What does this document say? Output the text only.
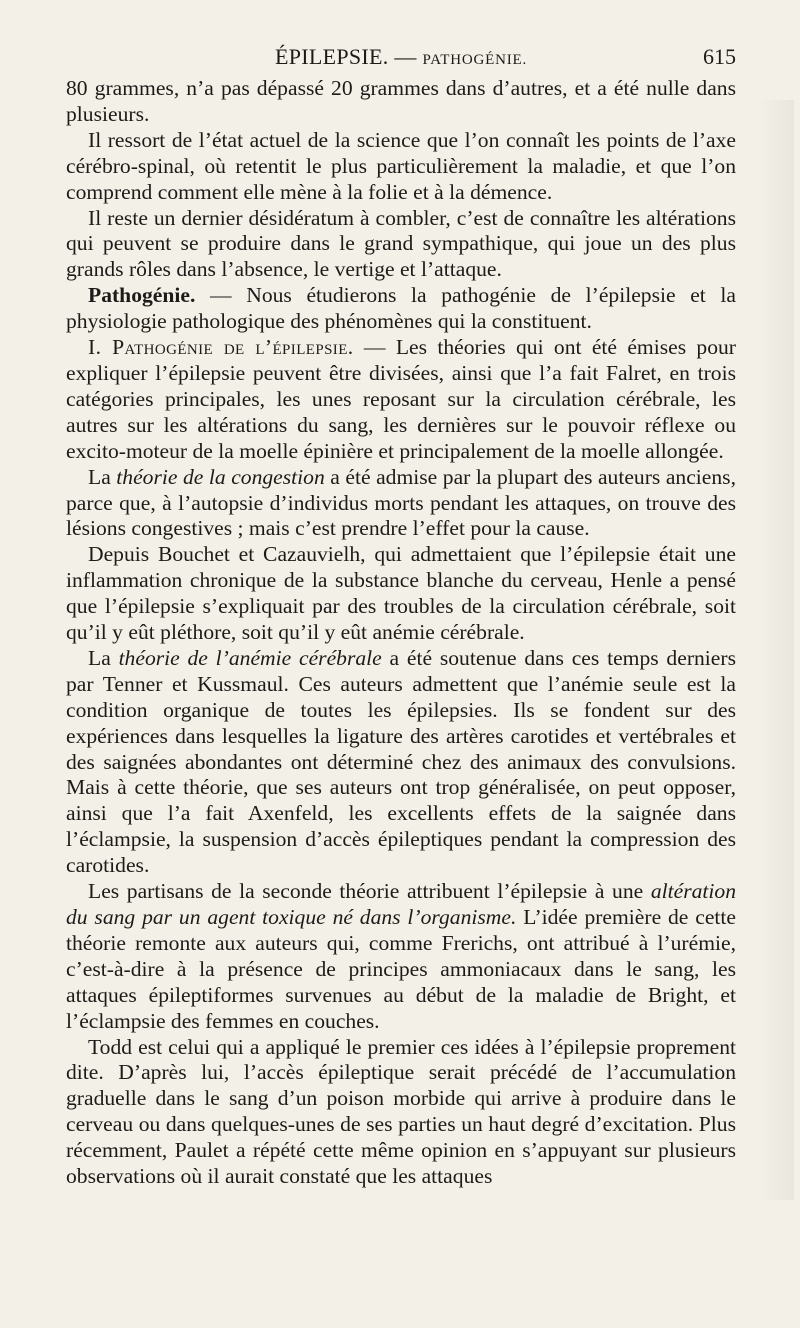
ÉPILEPSIE. — PATHOGÉNIE.	615

80 grammes, n’a pas dépassé 20 grammes dans d’autres, et a été nulle dans plusieurs.

Il ressort de l’état actuel de la science que l’on connaît les points de l’axe cérébro-spinal, où retentit le plus particulièrement la maladie, et que l’on comprend comment elle mène à la folie et à la démence.

Il reste un dernier désidératum à combler, c’est de connaître les altérations qui peuvent se produire dans le grand sympathique, qui joue un des plus grands rôles dans l’absence, le vertige et l’attaque.

Pathogénie. — Nous étudierons la pathogénie de l’épilepsie et la physiologie pathologique des phénomènes qui la constituent.

I. Pathogénie de l’épilepsie. — Les théories qui ont été émises pour expliquer l’épilepsie peuvent être divisées, ainsi que l’a fait Falret, en trois catégories principales, les unes reposant sur la circulation cérébrale, les autres sur les altérations du sang, les dernières sur le pouvoir réflexe ou excito-moteur de la moelle épinière et principalement de la moelle allongée.

La théorie de la congestion a été admise par la plupart des auteurs anciens, parce que, à l’autopsie d’individus morts pendant les attaques, on trouve des lésions congestives ; mais c’est prendre l’effet pour la cause.

Depuis Bouchet et Cazauvielh, qui admettaient que l’épilepsie était une inflammation chronique de la substance blanche du cerveau, Henle a pensé que l’épilepsie s’expliquait par des troubles de la circulation cérébrale, soit qu’il y eût pléthore, soit qu’il y eût anémie cérébrale.

La théorie de l’anémie cérébrale a été soutenue dans ces temps derniers par Tenner et Kussmaul. Ces auteurs admettent que l’anémie seule est la condition organique de toutes les épilepsies. Ils se fondent sur des expériences dans lesquelles la ligature des artères carotides et vertébrales et des saignées abondantes ont déterminé chez des animaux des convulsions. Mais à cette théorie, que ses auteurs ont trop généralisée, on peut opposer, ainsi que l’a fait Axenfeld, les excellents effets de la saignée dans l’éclampsie, la suspension d’accès épileptiques pendant la compression des carotides.

Les partisans de la seconde théorie attribuent l’épilepsie à une altération du sang par un agent toxique né dans l’organisme. L’idée première de cette théorie remonte aux auteurs qui, comme Frerichs, ont attribué à l’urémie, c’est-à-dire à la présence de principes ammoniacaux dans le sang, les attaques épileptiformes survenues au début de la maladie de Bright, et l’éclampsie des femmes en couches.

Todd est celui qui a appliqué le premier ces idées à l’épilepsie proprement dite. D’après lui, l’accès épileptique serait précédé de l’accumulation graduelle dans le sang d’un poison morbide qui arrive à produire dans le cerveau ou dans quelques-unes de ses parties un haut degré d’excitation. Plus récemment, Paulet a répété cette même opinion en s’appuyant sur plusieurs observations où il aurait constaté que les attaques
